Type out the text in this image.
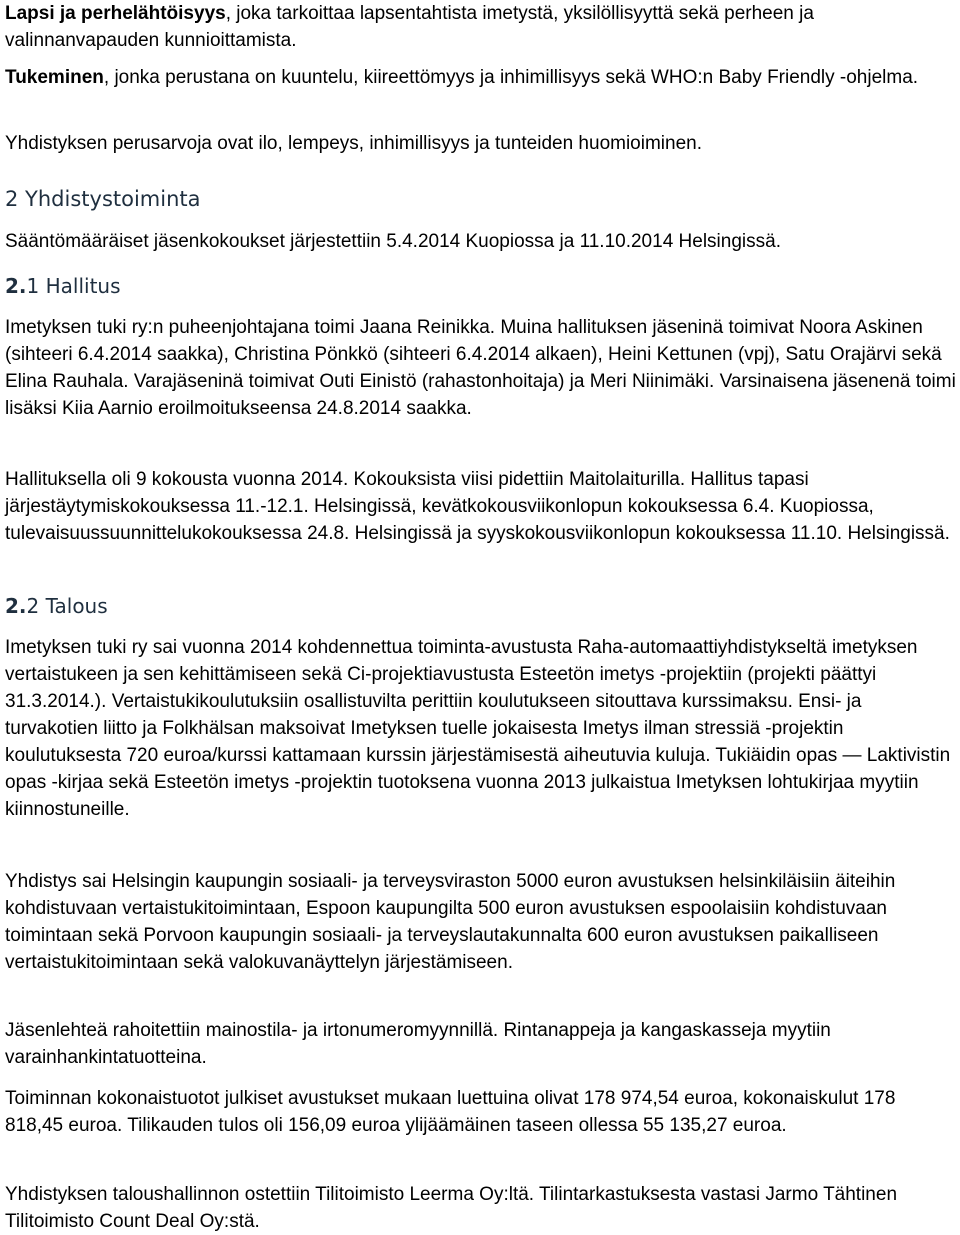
Lapsi ja perhelähtöisyys, joka tarkoittaa lapsentahtista imetystä, yksilöllisyyttä sekä perheen ja valinnanvapauden kunnioittamista.

Tukeminen, jonka perustana on kuuntelu, kiireettömyys ja inhimillisyys sekä WHO:n Baby Friendly -ohjelma.

Yhdistyksen perusarvoja ovat ilo, lempeys, inhimillisyys ja tunteiden huomioiminen.

2 Yhdistystoiminta

Sääntömääräiset jäsenkokoukset järjestettiin 5.4.2014 Kuopiossa ja 11.10.2014 Helsingissä.

2.1 Hallitus

Imetyksen tuki ry:n puheenjohtajana toimi Jaana Reinikka. Muina hallituksen jäseninä toimivat Noora Askinen (sihteeri 6.4.2014 saakka), Christina Pönkkö (sihteeri 6.4.2014 alkaen), Heini Kettunen (vpj), Satu Orajärvi sekä Elina Rauhala. Varajäseninä toimivat Outi Einistö (rahastonhoitaja) ja Meri Niinimäki. Varsinaisena jäsenenä toimi lisäksi Kiia Aarnio eroilmoitukseensa 24.8.2014 saakka.

Hallituksella oli 9 kokousta vuonna 2014. Kokouksista viisi pidettiin Maitolaiturilla. Hallitus tapasi järjestäytymiskokouksessa 11.-12.1. Helsingissä, kevätkokousviikonlopun kokouksessa 6.4. Kuopiossa, tulevaisuussuunnittelukokouksessa 24.8. Helsingissä ja syyskokousviikonlopun kokouksessa 11.10. Helsingissä.

2.2 Talous

Imetyksen tuki ry sai vuonna 2014 kohdennettua toiminta-avustusta Raha-automaattiyhdistykseltä imetyksen vertaistukeen ja sen kehittämiseen sekä Ci-projektiavustusta Esteetön imetys -projektiin (projekti päättyi 31.3.2014.). Vertaistukikoulutuksiin osallistuvilta perittiin koulutukseen sitouttava kurssimaksu. Ensi- ja turvakotien liitto ja Folkhälsan maksoivat Imetyksen tuelle jokaisesta Imetys ilman stressiä -projektin koulutuksesta 720 euroa/kurssi kattamaan kurssin järjestämisestä aiheutuvia kuluja. Tukiäidin opas — Laktivistin opas -kirjaa sekä Esteetön imetys -projektin tuotoksena vuonna 2013 julkaistua Imetyksen lohtukirjaa myytiin kiinnostuneille.

Yhdistys sai Helsingin kaupungin sosiaali- ja terveysviraston 5000 euron avustuksen helsinkiläisiin äiteihin kohdistuvaan vertaistukitoimintaan, Espoon kaupungilta 500 euron avustuksen espoolaisiin kohdistuvaan toimintaan sekä Porvoon kaupungin sosiaali- ja terveyslautakunnalta 600 euron avustuksen paikalliseen vertaistukitoimintaan sekä valokuvanäyttelyn järjestämiseen.

Jäsenlehteä rahoitettiin mainostila- ja irtonumeromyynnillä. Rintanappeja ja kangaskasseja myytiin varainhankintatuotteina.

Toiminnan kokonaistuotot julkiset avustukset mukaan luettuina olivat 178 974,54 euroa, kokonaiskulut 178 818,45 euroa. Tilikauden tulos oli 156,09 euroa ylijäämäinen taseen ollessa 55 135,27 euroa.

Yhdistyksen taloushallinnon ostettiin Tilitoimisto Leerma Oy:ltä. Tilintarkastuksesta vastasi Jarmo Tähtinen Tilitoimisto Count Deal Oy:stä.
